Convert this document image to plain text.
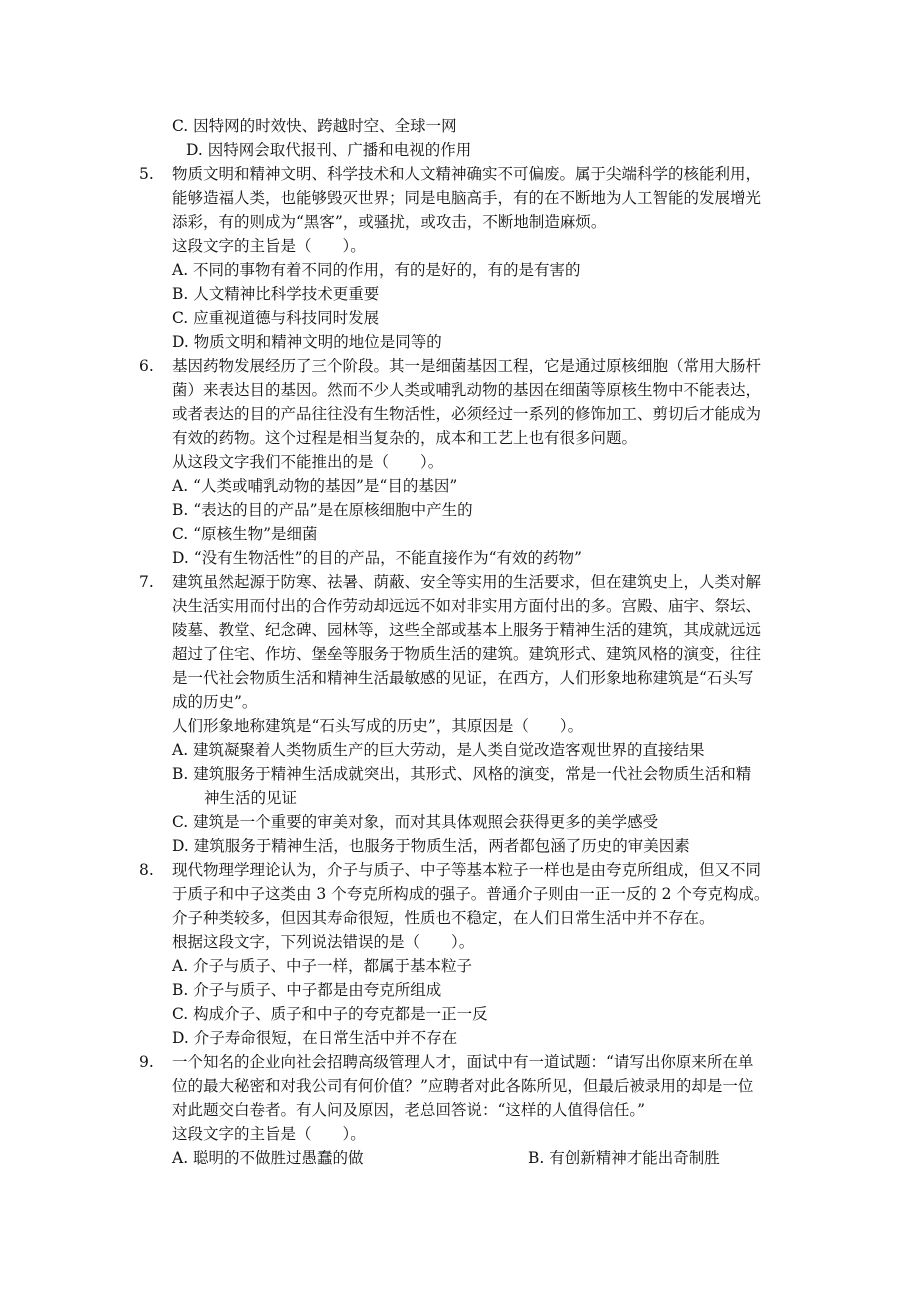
C. 因特网的时效快、跨越时空、全球一网
D. 因特网会取代报刊、广播和电视的作用
5. 物质文明和精神文明、科学技术和人文精神确实不可偏废。属于尖端科学的核能利用，
能够造福人类，也能够毁灭世界；同是电脑高手，有的在不断地为人工智能的发展增光
添彩，有的则成为“黑客”，或骚扰，或攻击，不断地制造麻烦。
这段文字的主旨是（　　）。
A. 不同的事物有着不同的作用，有的是好的，有的是有害的
B. 人文精神比科学技术更重要
C. 应重视道德与科技同时发展
D. 物质文明和精神文明的地位是同等的
6. 基因药物发展经历了三个阶段。其一是细菌基因工程，它是通过原核细胞（常用大肠杆
菌）来表达目的基因。然而不少人类或哺乳动物的基因在细菌等原核生物中不能表达，
或者表达的目的产品往往没有生物活性，必须经过一系列的修饰加工、剪切后才能成为
有效的药物。这个过程是相当复杂的，成本和工艺上也有很多问题。
从这段文字我们不能推出的是（　　）。
A. “人类或哺乳动物的基因”是“目的基因”
B. “表达的目的产品”是在原核细胞中产生的
C. “原核生物”是细菌
D. “没有生物活性”的目的产品，不能直接作为“有效的药物”
7. 建筑虽然起源于防寒、祛暑、荫蔽、安全等实用的生活要求，但在建筑史上，人类对解
决生活实用而付出的合作劳动却远远不如对非实用方面付出的多。宫殿、庙宇、祭坛、
陵墓、教堂、纪念碑、园林等，这些全部或基本上服务于精神生活的建筑，其成就远远
超过了住宅、作坊、堡垒等服务于物质生活的建筑。建筑形式、建筑风格的演变，往往
是一代社会物质生活和精神生活最敏感的见证，在西方，人们形象地称建筑是“石头写
成的历史”。
人们形象地称建筑是“石头写成的历史”，其原因是（　　）。
A. 建筑凝聚着人类物质生产的巨大劳动，是人类自觉改造客观世界的直接结果
B. 建筑服务于精神生活成就突出，其形式、风格的演变，常是一代社会物质生活和精
神生活的见证
C. 建筑是一个重要的审美对象，而对其具体观照会获得更多的美学感受
D. 建筑服务于精神生活，也服务于物质生活，两者都包涵了历史的审美因素
8. 现代物理学理论认为，介子与质子、中子等基本粒子一样也是由夸克所组成，但又不同
于质子和中子这类由 3 个夸克所构成的强子。普通介子则由一正一反的 2 个夸克构成。
介子种类较多，但因其寿命很短，性质也不稳定，在人们日常生活中并不存在。
根据这段文字，下列说法错误的是（　　）。
A. 介子与质子、中子一样，都属于基本粒子
B. 介子与质子、中子都是由夸克所组成
C. 构成介子、质子和中子的夸克都是一正一反
D. 介子寿命很短，在日常生活中并不存在
9. 一个知名的企业向社会招聘高级管理人才，面试中有一道试题：“请写出你原来所在单
位的最大秘密和对我公司有何价值？”应聘者对此各陈所见，但最后被录用的却是一位
对此题交白卷者。有人问及原因，老总回答说：“这样的人值得信任。”
这段文字的主旨是（　　）。
A. 聪明的不做胜过愚蠢的做	B. 有创新精神才能出奇制胜
